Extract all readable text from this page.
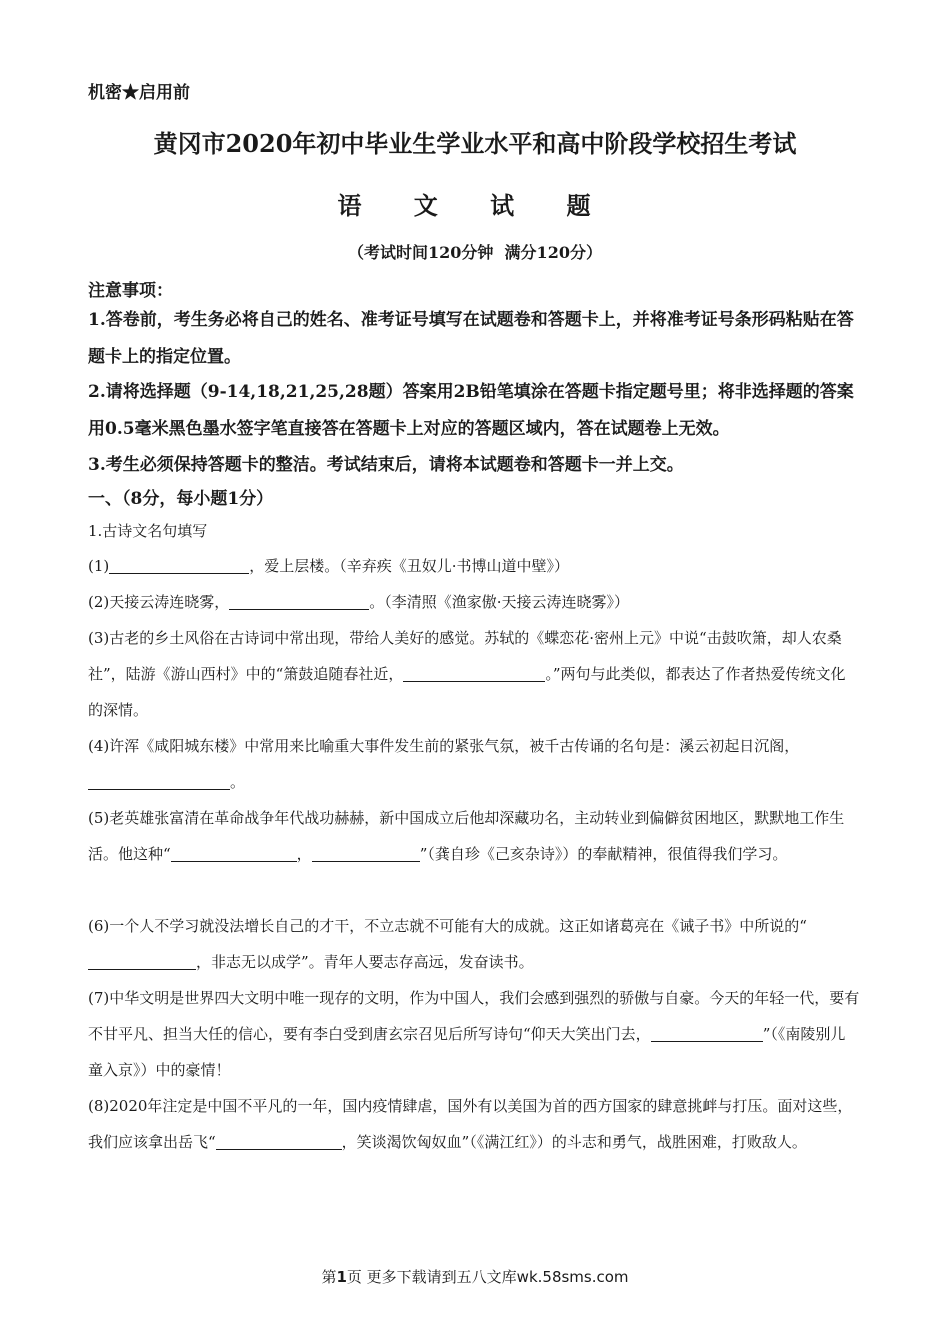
机密★启用前
黄冈市2020年初中毕业生学业水平和高中阶段学校招生考试
语 文 试 题
（考试时间120分钟  满分120分）
注意事项：
1.答卷前，考生务必将自己的姓名、准考证号填写在试题卷和答题卡上，并将准考证号条形码粘贴在答题卡上的指定位置。
2.请将选择题（9-14,18,21,25,28题）答案用2B铅笔填涂在答题卡指定题号里；将非选择题的答案用0.5毫米黑色墨水签字笔直接答在答题卡上对应的答题区域内，答在试题卷上无效。
3.考生必须保持答题卡的整洁。考试结束后，请将本试题卷和答题卡一并上交。
一、（8分，每小题1分）
1.古诗文名句填写
(1)	，爱上层楼。（辛弃疾《丑奴儿·书博山道中壁》）
(2)天接云涛连晓雾，	。（李清照《渔家傲·天接云涛连晓雾》）
(3)古老的乡土风俗在古诗词中常出现，带给人美好的感觉。苏轼的《蝶恋花·密州上元》中说“击鼓吹箫，却人农桑社”，陆游《游山西村》中的“箫鼓追随春社近，	。”两句与此类似，都表达了作者热爱传统文化的深情。
(4)许浑《咸阳城东楼》中常用来比喻重大事件发生前的紧张气氛，被千古传诵的名句是：溪云初起日沉阁，。
(5)老英雄张富清在革命战争年代战功赫赫，新中国成立后他却深藏功名，主动转业到偏僻贫困地区，默默地工作生活。他这种“	，	”（龚自珍《己亥杂诗》）的奉献精神，很值得我们学习。
(6)一个人不学习就没法增长自己的才干，不立志就不可能有大的成就。这正如诸葛亮在《诫子书》中所说的“，非志无以成学”。青年人要志存高远，发奋读书。
(7)中华文明是世界四大文明中唯一现存的文明，作为中国人，我们会感到强烈的骄傲与自豪。今天的年轻一代，要有不甘平凡、担当大任的信心，要有李白受到唐玄宗召见后所写诗句“仰天大笑出门去，	”（《南陵别儿童入京》）中的豪情！
(8)2020年注定是中国不平凡的一年，国内疫情肆虐，国外有以美国为首的西方国家的肆意挑衅与打压。面对这些，我们应该拿出岳飞“	，笑谈渴饮匈奴血”（《满江红》）的斗志和勇气，战胜困难，打败敌人。
第1页 更多下载请到五八文库wk.58sms.com
